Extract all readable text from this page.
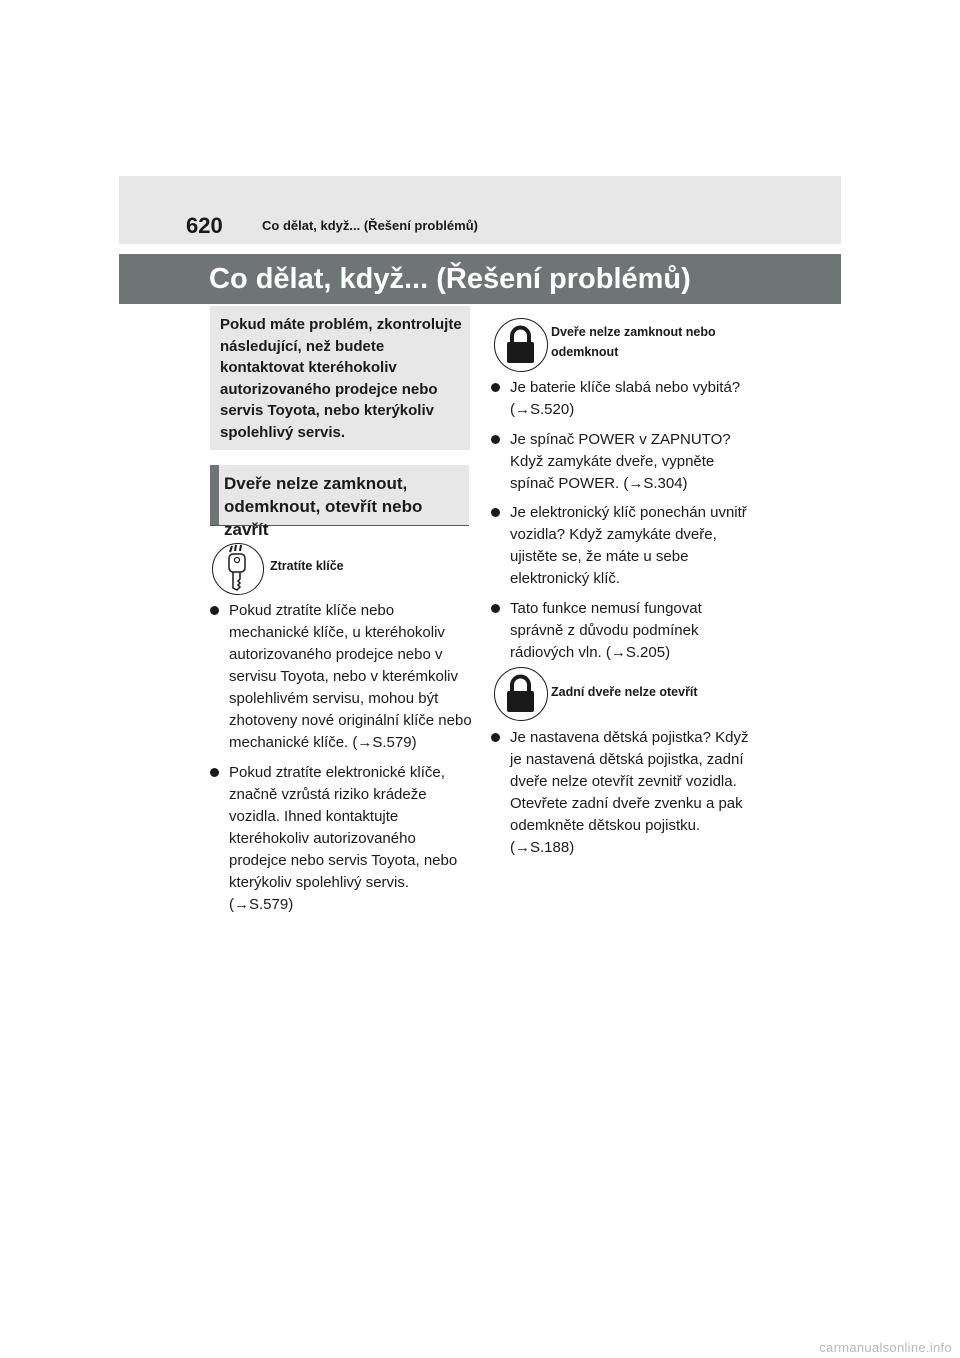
620	Co dělat, když... (Řešení problémů)
Co dělat, když... (Řešení problémů)
Pokud máte problém, zkontrolujte následující, než budete kontaktovat kteréhokoliv autorizovaného prodejce nebo servis Toyota, nebo kterýkoliv spolehlivý servis.
Dveře nelze zamknout, odemknout, otevřít nebo zavřít
Ztratíte klíče
Pokud ztratíte klíče nebo mechanické klíče, u kteréhokoliv autorizovaného prodejce nebo v servisu Toyota, nebo v kterémkoliv spolehlivém servisu, mohou být zhotoveny nové originální klíče nebo mechanické klíče. (→S.579)
Pokud ztratíte elektronické klíče, značně vzrůstá riziko krádeže vozidla. Ihned kontaktujte kteréhokoliv autorizovaného prodejce nebo servis Toyota, nebo kterýkoliv spolehlivý servis. (→S.579)
Dveře nelze zamknout nebo odemknout
Je baterie klíče slabá nebo vybitá? (→S.520)
Je spínač POWER v ZAPNUTO? Když zamykáte dveře, vypněte spínač POWER. (→S.304)
Je elektronický klíč ponechán uvnitř vozidla? Když zamykáte dveře, ujistěte se, že máte u sebe elektronický klíč.
Tato funkce nemusí fungovat správně z důvodu podmínek rádiových vln. (→S.205)
Zadní dveře nelze otevřít
Je nastavena dětská pojistka? Když je nastavená dětská pojistka, zadní dveře nelze otevřít zevnitř vozidla. Otevřete zadní dveře zvenku a pak odemkněte dětskou pojistku. (→S.188)
carmanualsonline.info
